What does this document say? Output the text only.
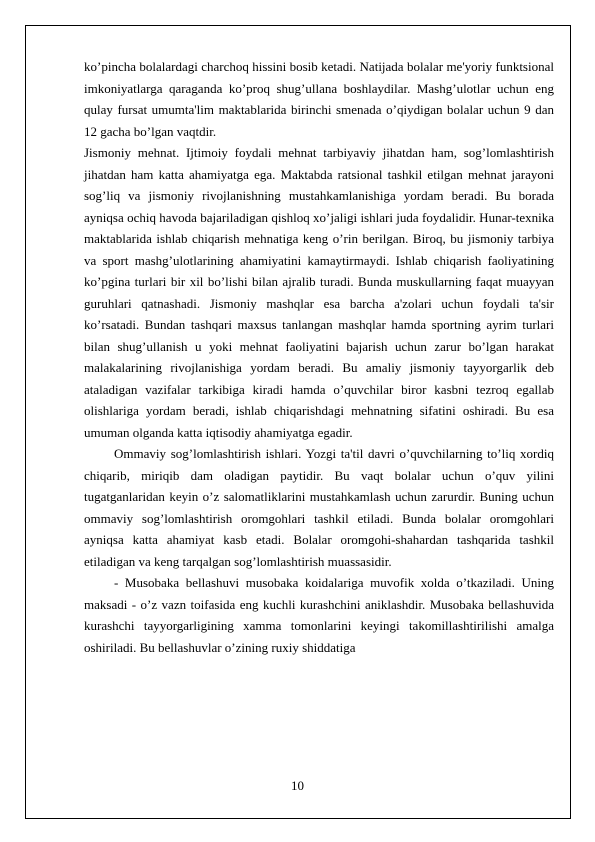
ko’pincha bolalardagi charchoq hissini bosib ketadi. Natijada bolalar me'yoriy funktsional imkoniyatlarga qaraganda ko’proq shug’ullana boshlaydilar. Mashg’ulotlar uchun eng qulay fursat umumta'lim maktablarida birinchi smenada o’qiydigan bolalar uchun 9 dan 12 gacha bo’lgan vaqtdir.

Jismoniy mehnat. Ijtimoiy foydali mehnat tarbiyaviy jihatdan ham, sog’lomlashtirish jihatdan ham katta ahamiyatga ega. Maktabda ratsional tashkil etilgan mehnat jarayoni sog’liq va jismoniy rivojlanishning mustahkamlanishiga yordam beradi. Bu borada ayniqsa ochiq havoda bajariladigan qishloq xo’jaligi ishlari juda foydalidir. Hunar-texnika maktablarida ishlab chiqarish mehnatiga keng o’rin berilgan. Biroq, bu jismoniy tarbiya va sport mashg’ulotlarining ahamiyatini kamaytirmaydi. Ishlab chiqarish faoliyatining ko’pgina turlari bir xil bo’lishi bilan ajralib turadi. Bunda muskullarning faqat muayyan guruhlari qatnashadi. Jismoniy mashqlar esa barcha a'zolari uchun foydali ta'sir ko’rsatadi. Bundan tashqari maxsus tanlangan mashqlar hamda sportning ayrim turlari bilan shug’ullanish u yoki mehnat faoliyatini bajarish uchun zarur bo’lgan harakat malakalarining rivojlanishiga yordam beradi. Bu amaliy jismoniy tayyorgarlik deb ataladigan vazifalar tarkibiga kiradi hamda o’quvchilar biror kasbni tezroq egallab olishlariga yordam beradi, ishlab chiqarishdagi mehnatning sifatini oshiradi. Bu esa umuman olganda katta iqtisodiy ahamiyatga egadir.

Ommaviy sog’lomlashtirish ishlari. Yozgi ta'til davri o’quvchilarning to’liq xordiq chiqarib, miriqib dam oladigan paytidir. Bu vaqt bolalar uchun o’quv yilini tugatganlaridan keyin o’z salomatliklarini mustahkamlash uchun zarurdir. Buning uchun ommaviy sog’lomlashtirish oromgohlari tashkil etiladi. Bunda bolalar oromgohlari ayniqsa katta ahamiyat kasb etadi. Bolalar oromgohi-shahardan tashqarida tashkil etiladigan va keng tarqalgan sog’lomlashtirish muassasidir.

- Musobaka bellashuvi musobaka koidalariga muvofik xolda o’tkaziladi. Uning maksadi - o’z vazn toifasida eng kuchli kurashchini aniklashdir. Musobaka bellashuvida kurashchi tayyorgarligining xamma tomonlarini keyingi takomillashtirilishi amalga oshiriladi. Bu bellashuvlar o’zining ruxiy shiddatiga

10
